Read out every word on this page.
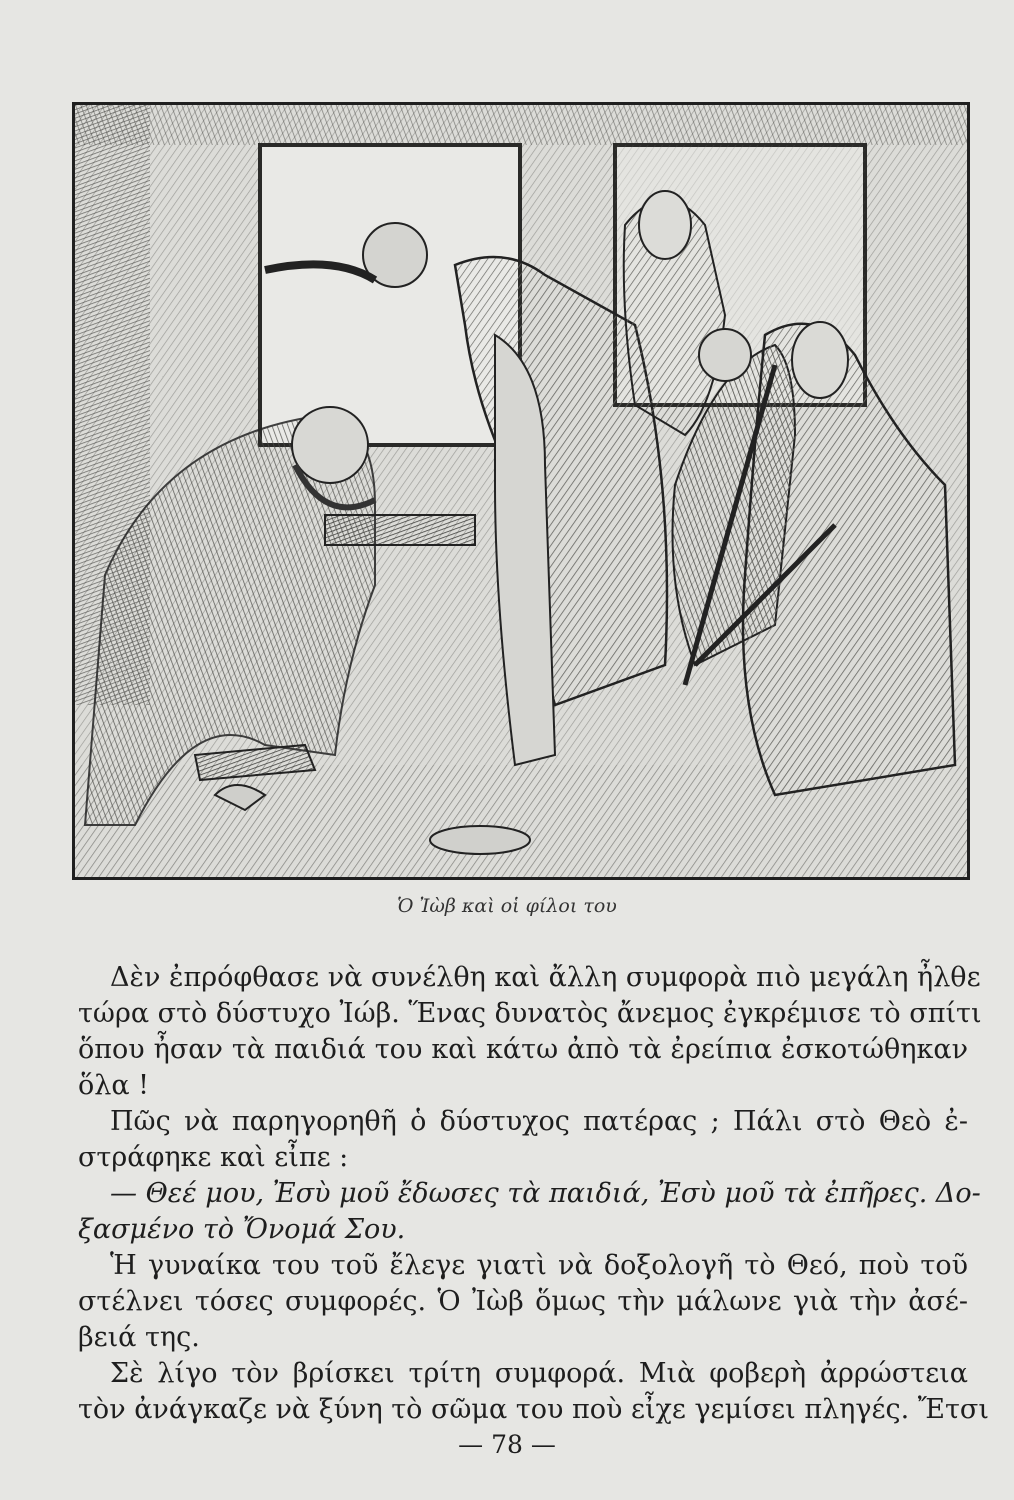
Ὁ Ἰὼβ καὶ οἱ φίλοι του
Δὲν ἐπρόφθασε νὰ συνέλθη καὶ ἄλλη συμφορὰ πιὸ μεγάλη ἦλθε
τώρα στὸ δύστυχο Ἰώβ. Ἕνας δυνατὸς ἄνεμος ἐγκρέμισε τὸ σπίτι
ὅπου ἦσαν τὰ παιδιά του καὶ κάτω ἀπὸ τὰ ἐρείπια ἐσκοτώθηκαν
ὅλα !
Πῶς νὰ παρηγορηθῆ ὁ δύστυχος πατέρας ; Πάλι στὸ Θεὸ ἐ-
στράφηκε καὶ εἶπε :
— Θεέ μου, Ἐσὺ μοῦ ἔδωσες τὰ παιδιά, Ἐσὺ μοῦ τὰ ἐπῆρες. Δο-
ξασμένο τὸ Ὄνομά Σου.
Ἡ γυναίκα του τοῦ ἔλεγε γιατὶ νὰ δοξολογῆ τὸ Θεό, ποὺ τοῦ
στέλνει τόσες συμφορές. Ὁ Ἰὼβ ὅμως τὴν μάλωνε γιὰ τὴν ἀσέ-
βειά της.
Σὲ λίγο τὸν βρίσκει τρίτη συμφορά. Μιὰ φοβερὴ ἀρρώστεια
τὸν ἀνάγκαζε νὰ ξύνη τὸ σῶμα του ποὺ εἶχε γεμίσει πληγές. Ἔτσι
— 78 —
